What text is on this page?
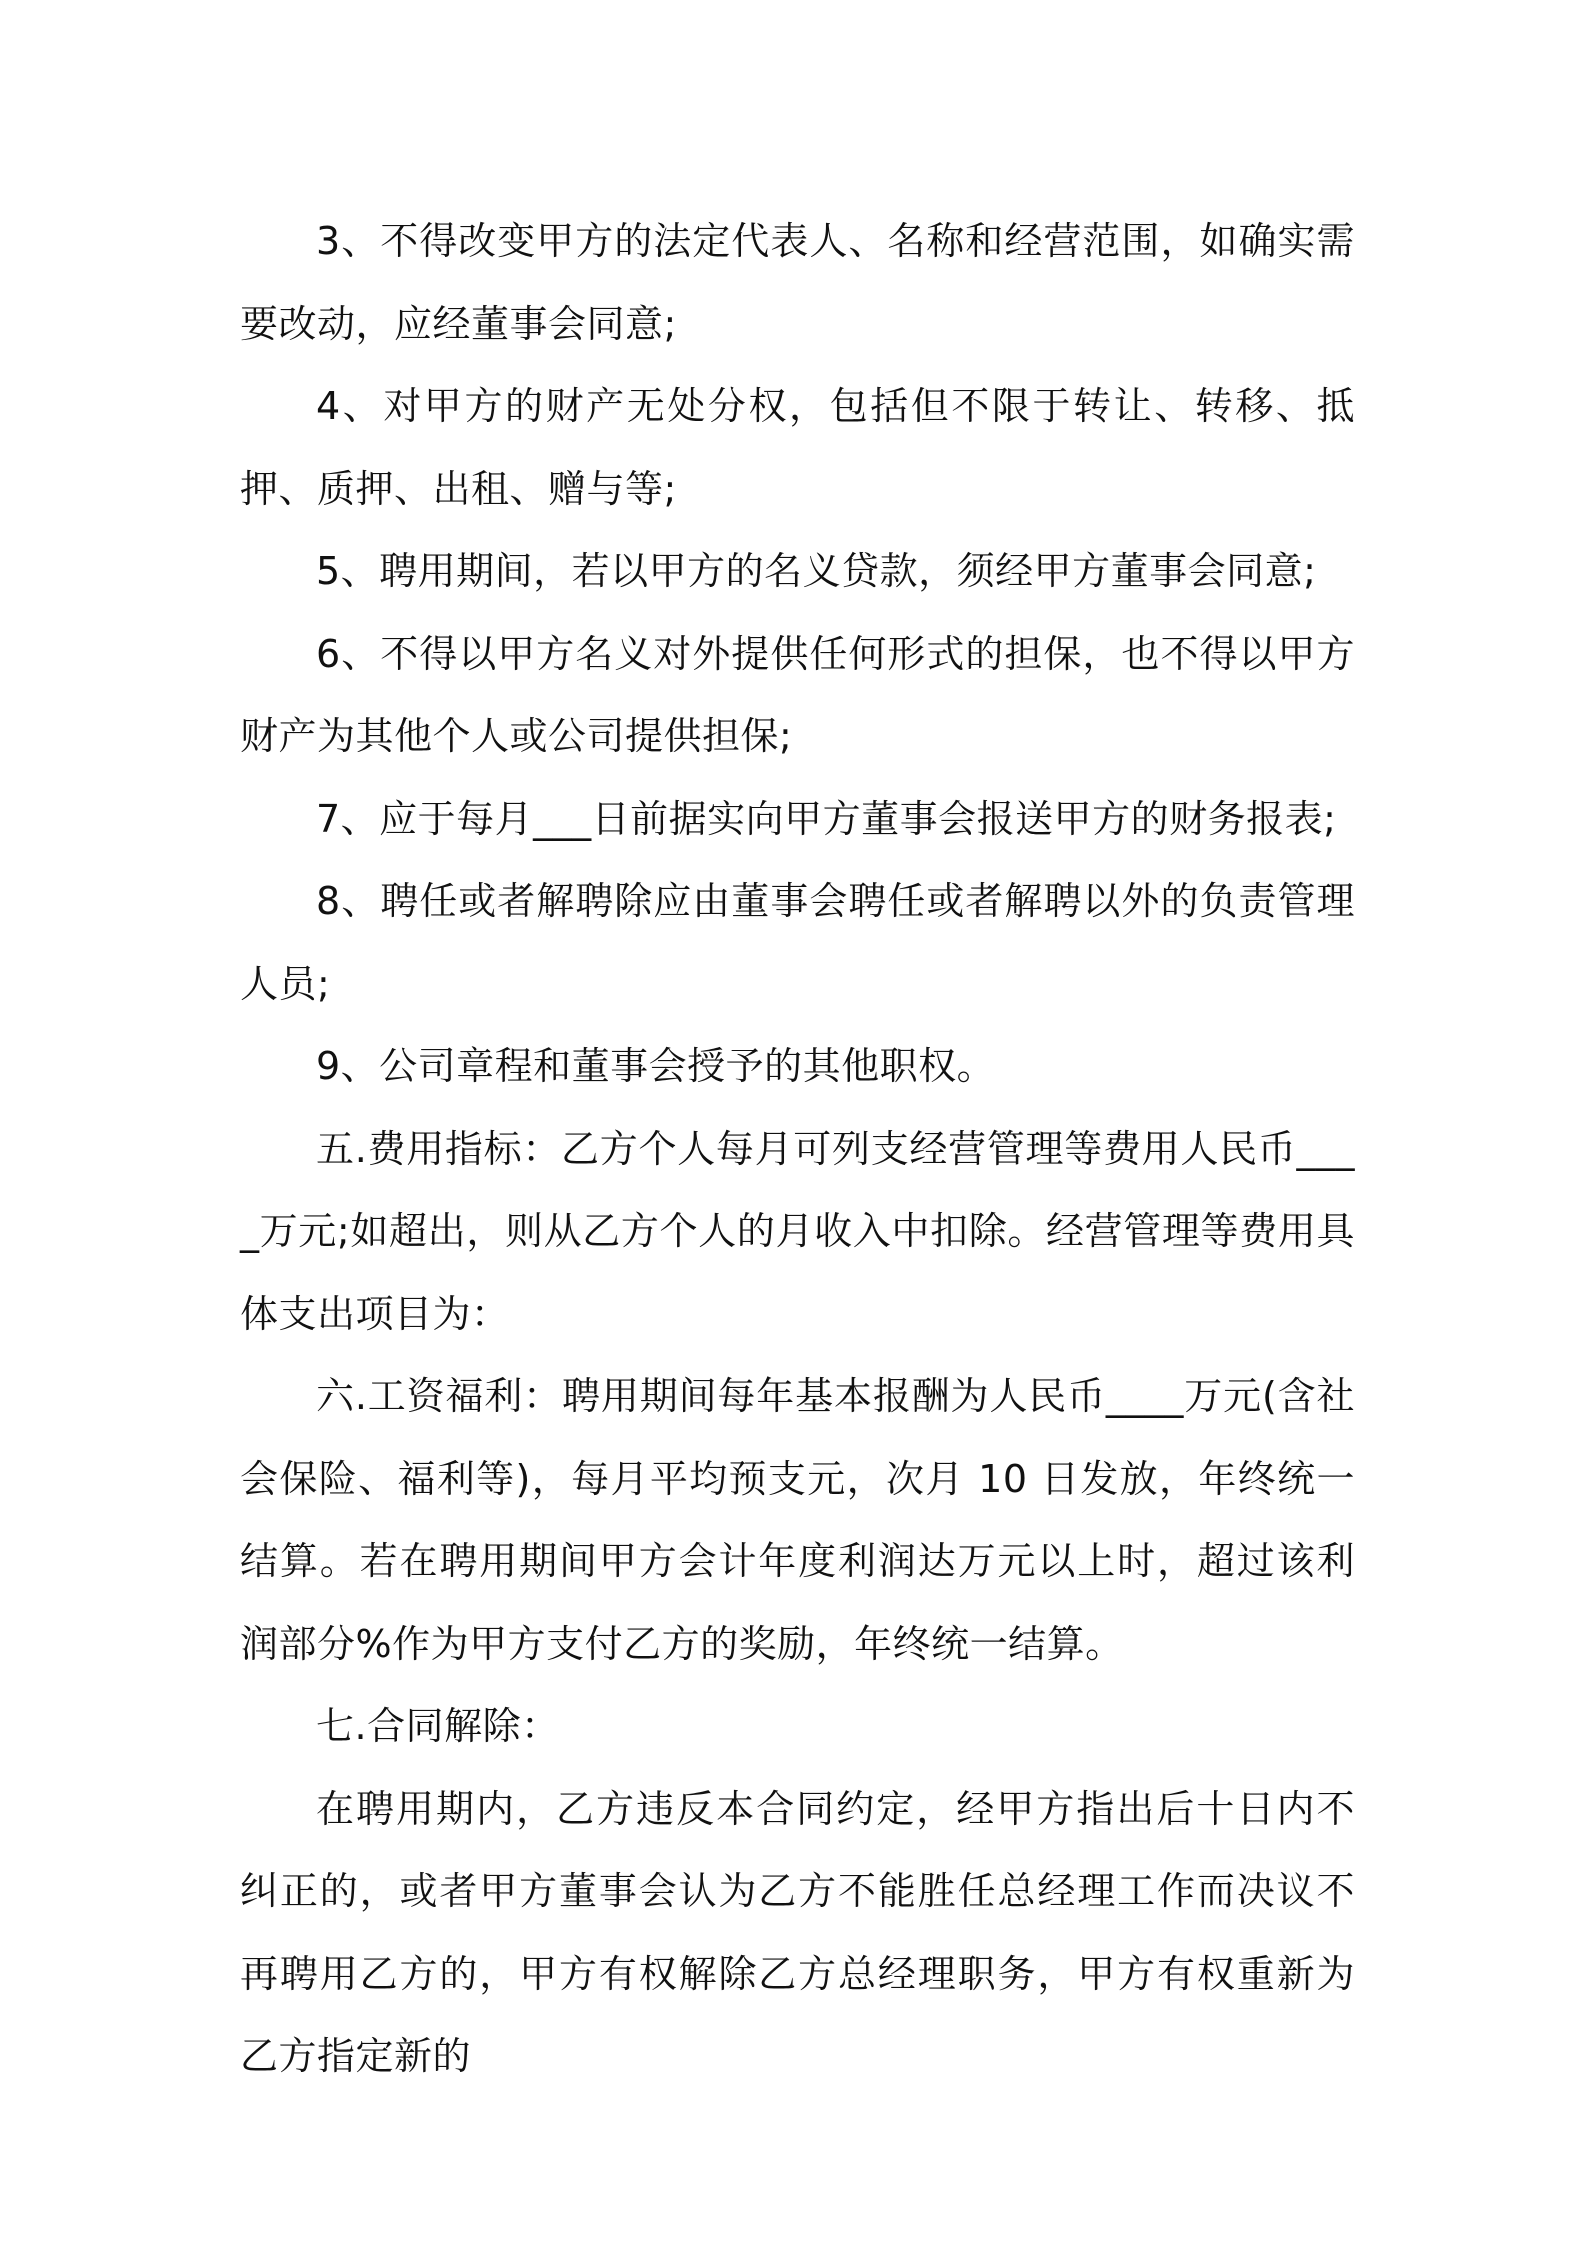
3、不得改变甲方的法定代表人、名称和经营范围，如确实需要改动，应经董事会同意;

4、对甲方的财产无处分权，包括但不限于转让、转移、抵押、质押、出租、赠与等;

5、聘用期间，若以甲方的名义贷款，须经甲方董事会同意;

6、不得以甲方名义对外提供任何形式的担保，也不得以甲方财产为其他个人或公司提供担保;

7、应于每月___日前据实向甲方董事会报送甲方的财务报表;

8、聘任或者解聘除应由董事会聘任或者解聘以外的负责管理人员;

9、公司章程和董事会授予的其他职权。

五.费用指标：乙方个人每月可列支经营管理等费用人民币____万元;如超出，则从乙方个人的月收入中扣除。经营管理等费用具体支出项目为：

六.工资福利：聘用期间每年基本报酬为人民币____万元(含社会保险、福利等)，每月平均预支元，次月 10 日发放，年终统一结算。若在聘用期间甲方会计年度利润达万元以上时，超过该利润部分%作为甲方支付乙方的奖励，年终统一结算。

七.合同解除：

在聘用期内，乙方违反本合同约定，经甲方指出后十日内不纠正的，或者甲方董事会认为乙方不能胜任总经理工作而决议不再聘用乙方的，甲方有权解除乙方总经理职务，甲方有权重新为乙方指定新的
